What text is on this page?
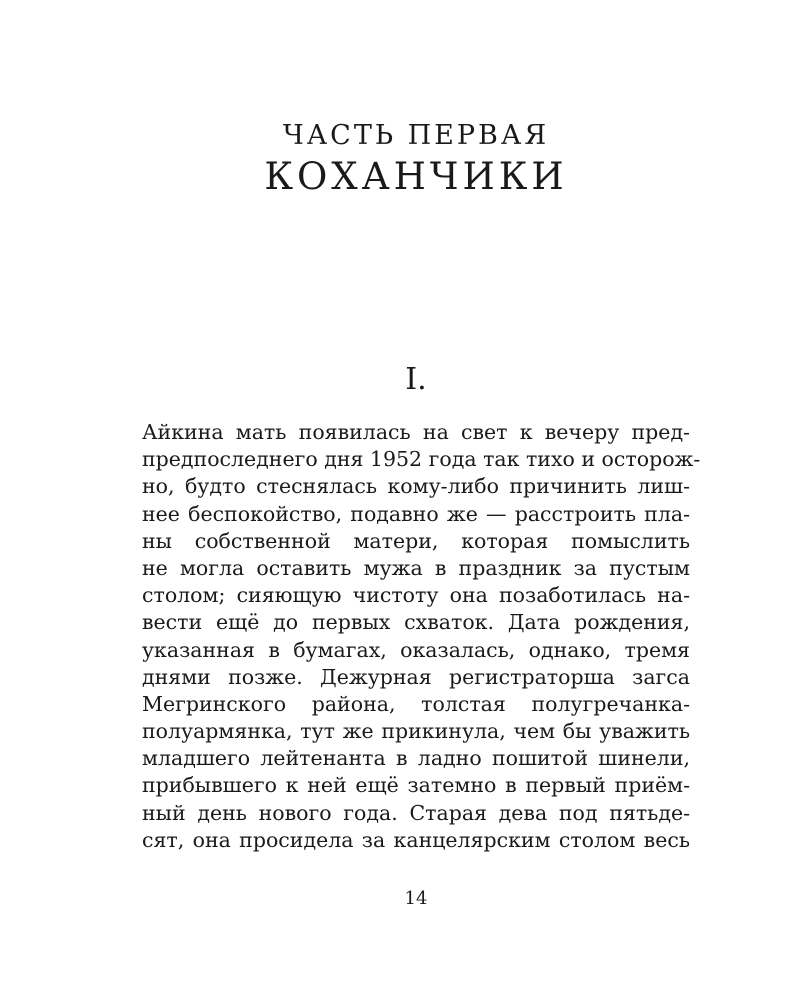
ЧАСТЬ ПЕРВАЯ
КОХАНЧИКИ
I.
Айкина мать появилась на свет к вечеру пред-
предпоследнего дня 1952 года так тихо и осторож-
но, будто стеснялась кому-либо причинить лиш-
нее беспокойство, подавно же — расстроить пла-
ны собственной матери, которая помыслить
не могла оставить мужа в праздник за пустым
столом; сияющую чистоту она позаботилась на-
вести ещё до первых схваток. Дата рождения,
указанная в бумагах, оказалась, однако, тремя
днями позже. Дежурная регистраторша загса
Мегринского района, толстая полугречанка-
полуармянка, тут же прикинула, чем бы уважить
младшего лейтенанта в ладно пошитой шинели,
прибывшего к ней ещё затемно в первый приём-
ный день нового года. Старая дева под пятьде-
сят, она просидела за канцелярским столом весь
14
